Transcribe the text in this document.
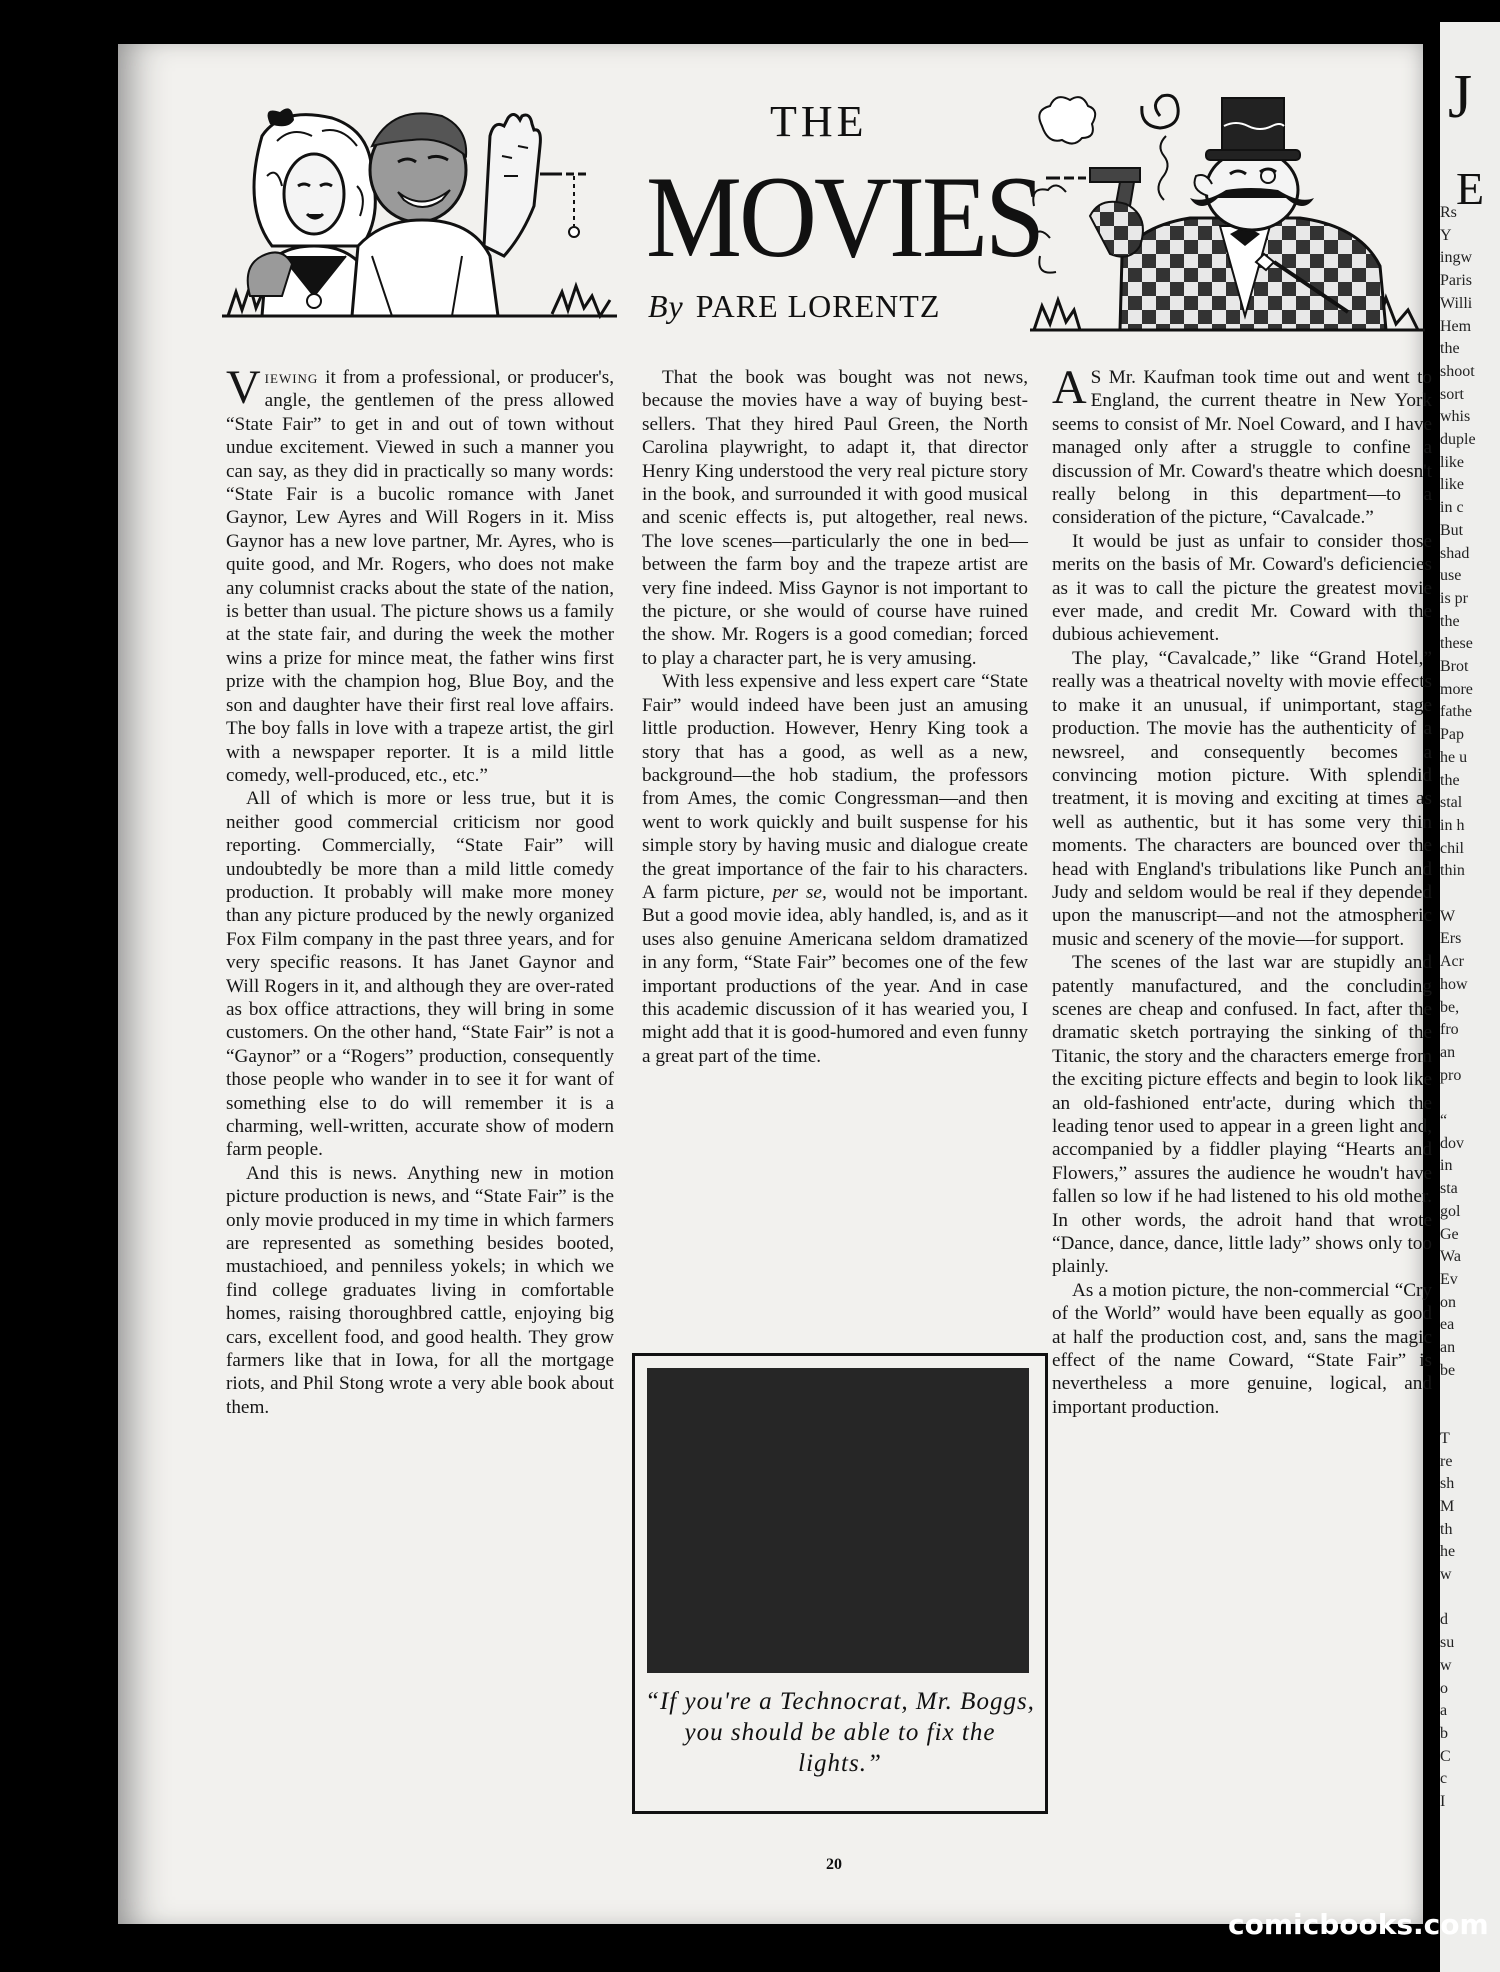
J
E
Rs
Y
ingw
Paris
Willi
Hem
the
shoot
sort
whis
duple
like
like
in c
But
shad
use
is pr
the
these
Brot
more
fathe
Pap
he u
the
stal
in h
chil
thin
W
Ers
Acr
how
be,
fro
an
pro
“
dov
in
sta
gol
Ge
Wa
Ev
on
ea
an
be
T
re
sh
M
th
he
w
d
su
w
o
a
b
C
c
I
THE
MOVIES
By PARE LORENTZ

Viewing it from a professional, or producer's, angle, the gentlemen of the press allowed “State Fair” to get in and out of town without undue excitement. Viewed in such a manner you can say, as they did in practically so many words: “State Fair is a bucolic romance with Janet Gaynor, Lew Ayres and Will Rogers in it. Miss Gaynor has a new love partner, Mr. Ayres, who is quite good, and Mr. Rogers, who does not make any columnist cracks about the state of the nation, is better than usual. The picture shows us a family at the state fair, and during the week the mother wins a prize for mince meat, the father wins first prize with the champion hog, Blue Boy, and the son and daughter have their first real love affairs. The boy falls in love with a trapeze artist, the girl with a newspaper reporter. It is a mild little comedy, well-produced, etc., etc.”

All of which is more or less true, but it is neither good commercial criticism nor good reporting. Commercially, “State Fair” will undoubtedly be more than a mild little comedy production. It probably will make more money than any picture produced by the newly organized Fox Film company in the past three years, and for very specific reasons. It has Janet Gaynor and Will Rogers in it, and although they are over-rated as box office attractions, they will bring in some customers. On the other hand, “State Fair” is not a “Gaynor” or a “Rogers” production, consequently those people who wander in to see it for want of something else to do will remember it is a charming, well-written, accurate show of modern farm people.

And this is news. Anything new in motion picture production is news, and “State Fair” is the only movie produced in my time in which farmers are represented as something besides booted, mustachioed, and penniless yokels; in which we find college graduates living in comfortable homes, raising thoroughbred cattle, enjoying big cars, excellent food, and good health. They grow farmers like that in Iowa, for all the mortgage riots, and Phil Stong wrote a very able book about them.

That the book was bought was not news, because the movies have a way of buying best-sellers. That they hired Paul Green, the North Carolina playwright, to adapt it, that director Henry King understood the very real picture story in the book, and surrounded it with good musical and scenic effects is, put altogether, real news. The love scenes—particularly the one in bed—between the farm boy and the trapeze artist are very fine indeed. Miss Gaynor is not important to the picture, or she would of course have ruined the show. Mr. Rogers is a good comedian; forced to play a character part, he is very amusing.

With less expensive and less expert care “State Fair” would indeed have been just an amusing little production. However, Henry King took a story that has a good, as well as a new, background—the hob stadium, the professors from Ames, the comic Congressman—and then went to work quickly and built suspense for his simple story by having music and dialogue create the great importance of the fair to his characters. A farm picture, per se, would not be important. But a good movie idea, ably handled, is, and as it uses also genuine Americana seldom dramatized in any form, “State Fair” becomes one of the few important productions of the year. And in case this academic discussion of it has wearied you, I might add that it is good-humored and even funny a great part of the time.

“If you're a Technocrat, Mr. Boggs, you should be able to fix the lights.”

A S Mr. Kaufman took time out and went to England, the current theatre in New York seems to consist of Mr. Noel Coward, and I have managed only after a struggle to confine a discussion of Mr. Coward's theatre which doesn't really belong in this department—to a consideration of the picture, “Cavalcade.”

It would be just as unfair to consider those merits on the basis of Mr. Coward's deficiencies as it was to call the picture the greatest movie ever made, and credit Mr. Coward with the dubious achievement.

The play, “Cavalcade,” like “Grand Hotel,” really was a theatrical novelty with movie effects to make it an unusual, if unimportant, stage production. The movie has the authenticity of a newsreel, and consequently becomes a convincing motion picture. With splendid treatment, it is moving and exciting at times as well as authentic, but it has some very thin moments. The characters are bounced over the head with England's tribulations like Punch and Judy and seldom would be real if they depended upon the manuscript—and not the atmospheric music and scenery of the movie—for support.

The scenes of the last war are stupidly and patently manufactured, and the concluding scenes are cheap and confused. In fact, after the dramatic sketch portraying the sinking of the Titanic, the story and the characters emerge from the exciting picture effects and begin to look like an old-fashioned entr'acte, during which the leading tenor used to appear in a green light and, accompanied by a fiddler playing “Hearts and Flowers,” assures the audience he woudn't have fallen so low if he had listened to his old mother. In other words, the adroit hand that wrote “Dance, dance, dance, little lady” shows only too plainly.

As a motion picture, the non-commercial “Cry of the World” would have been equally as good at half the production cost, and, sans the magic effect of the name Coward, “State Fair” is nevertheless a more genuine, logical, and important production.

20
comicbooks.com
